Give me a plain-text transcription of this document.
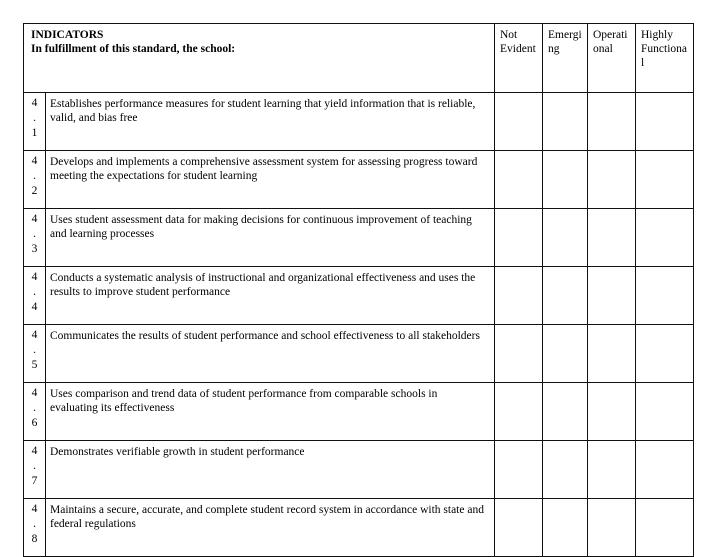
INDICATORS
In fulfillment of this standard, the school:		Not Evident	Emerging	Operational	Highly Functional

4
.
1	Establishes performance measures for student learning that yield information that is reliable, valid, and bias free				

4
.
2	Develops and implements a comprehensive assessment system for assessing progress toward meeting the expectations for student learning				

4
.
3	Uses student assessment data for making decisions for continuous improvement of teaching and learning processes				

4
.
4	Conducts a systematic analysis of instructional and organizational effectiveness and uses the results to improve student performance				

4
.
5	Communicates the results of student performance and school effectiveness to all stakeholders				

4
.
6	Uses comparison and trend data of student performance from comparable schools in evaluating its effectiveness				

4
.
7	Demonstrates verifiable growth in student performance				

4
.
8	Maintains a secure, accurate, and complete student record system in accordance with state and federal regulations				
